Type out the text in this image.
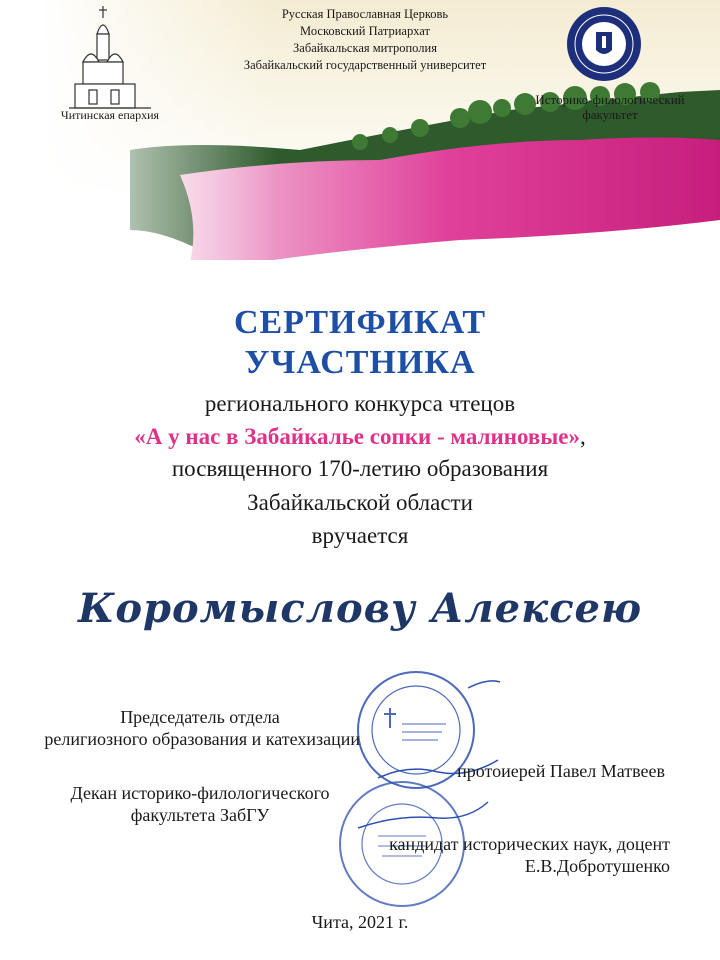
Читинская епархия
Русская Православная Церковь
Московский Патриархат
Забайкальская митрополия
Забайкальский государственный университет
Историко-филологический
факультет
СЕРТИФИКАТ
УЧАСТНИКА
регионального конкурса чтецов
«А у нас в Забайкалье сопки - малиновые»,
посвященного 170-летию образования
Забайкальской области
вручается
Коромыслову Алексею
Председатель отдела
религиозного образования и катехизации
протоиерей Павел Матвеев
Декан историко-филологического
факультета ЗабГУ
кандидат исторических наук, доцент
Е.В.Добротушенко
Чита, 2021 г.
